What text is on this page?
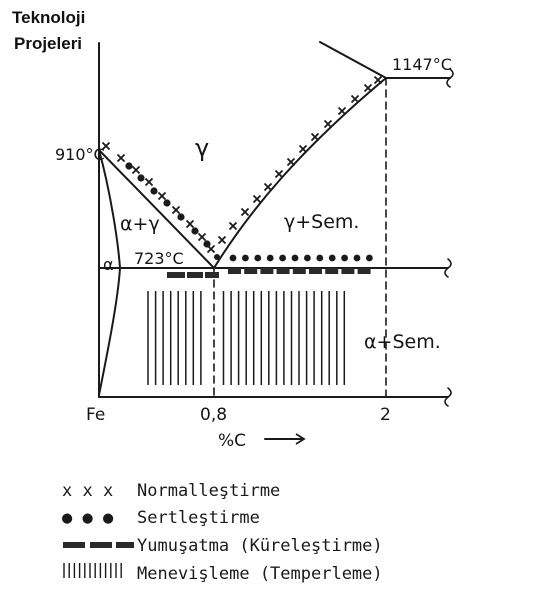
Teknoloji
Projeleri
910°C
1147°C
723°C
γ
α+γ
α
γ+Sem.
α+Sem.
Fe	0,8	2
%C
x x x Normalleştirme
● ● ● Sertleştirme
Yumuşatma (Küreleştirme)
Menevişleme (Temperleme)
